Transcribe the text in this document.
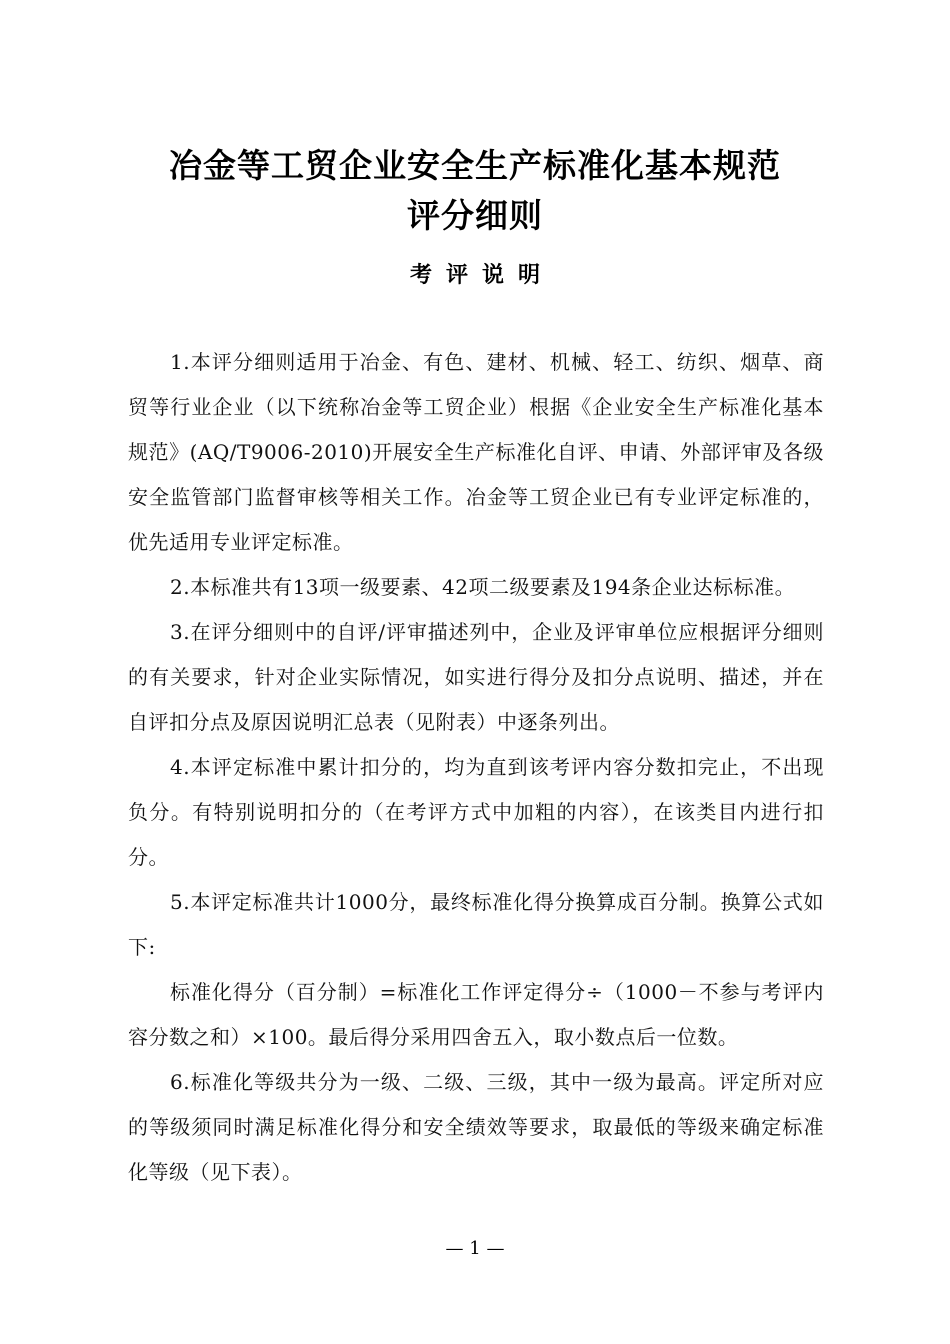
冶金等工贸企业安全生产标准化基本规范
评分细则
考评说明

1.本评分细则适用于冶金、有色、建材、机械、轻工、纺织、烟草、商贸等行业企业（以下统称冶金等工贸企业）根据《企业安全生产标准化基本规范》(AQ/T9006-2010)开展安全生产标准化自评、申请、外部评审及各级安全监管部门监督审核等相关工作。冶金等工贸企业已有专业评定标准的，优先适用专业评定标准。

2.本标准共有13项一级要素、42项二级要素及194条企业达标标准。

3.在评分细则中的自评/评审描述列中，企业及评审单位应根据评分细则的有关要求，针对企业实际情况，如实进行得分及扣分点说明、描述，并在自评扣分点及原因说明汇总表（见附表）中逐条列出。

4.本评定标准中累计扣分的，均为直到该考评内容分数扣完止，不出现负分。有特别说明扣分的（在考评方式中加粗的内容），在该类目内进行扣分。

5.本评定标准共计1000分，最终标准化得分换算成百分制。换算公式如下:

标准化得分（百分制）=标准化工作评定得分÷（1000－不参与考评内容分数之和）×100。最后得分采用四舍五入，取小数点后一位数。

6.标准化等级共分为一级、二级、三级，其中一级为最高。评定所对应的等级须同时满足标准化得分和安全绩效等要求，取最低的等级来确定标准化等级（见下表）。

— 1 —
